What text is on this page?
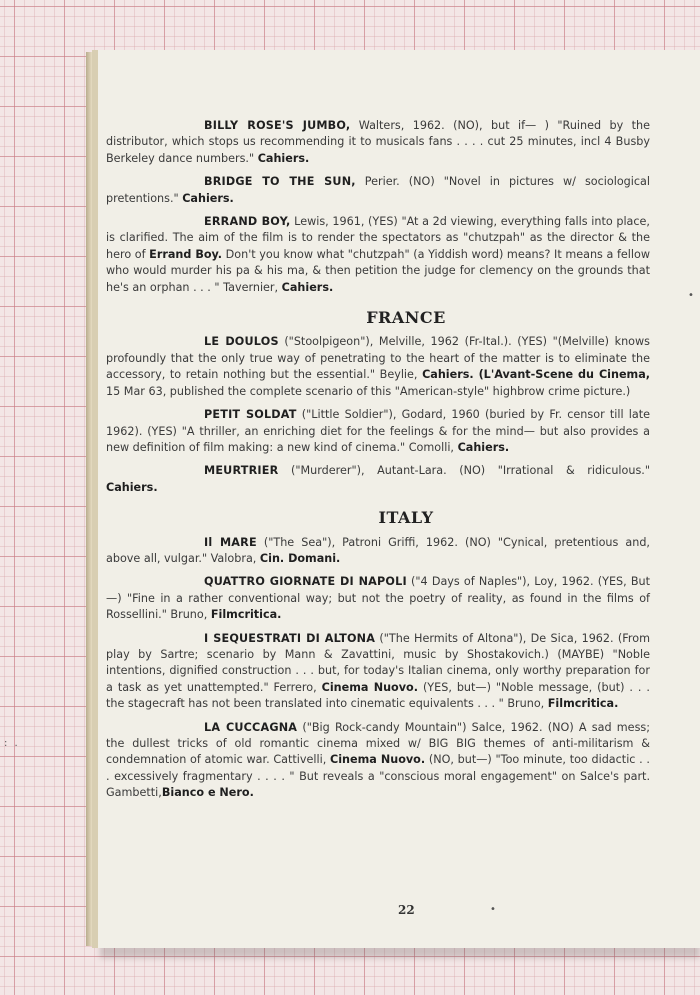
BILLY ROSE'S JUMBO, Walters, 1962. (NO), but if— ) "Ruined by the distributor, which stops us recommending it to musicals fans . . . . cut 25 minutes, incl 4 Busby Berkeley dance numbers." Cahiers.

BRIDGE TO THE SUN, Perier. (NO) "Novel in pictures w/ sociological pretentions." Cahiers.

ERRAND BOY, Lewis, 1961, (YES) "At a 2d viewing, everything falls into place, is clarified. The aim of the film is to render the spectators as "chutzpah" as the director & the hero of Errand Boy. Don't you know what "chutzpah" (a Yiddish word) means? It means a fellow who would murder his pa & his ma, & then petition the judge for clemency on the grounds that he's an orphan . . . " Tavernier, Cahiers.

FRANCE

LE DOULOS ("Stoolpigeon"), Melville, 1962 (Fr-Ital.). (YES) "(Melville) knows profoundly that the only true way of penetrating to the heart of the matter is to eliminate the accessory, to retain nothing but the essential." Beylie, Cahiers. (L'Avant-Scene du Cinema, 15 Mar 63, published the complete scenario of this "American-style" highbrow crime picture.)

PETIT SOLDAT ("Little Soldier"), Godard, 1960 (buried by Fr. censor till late 1962). (YES) "A thriller, an enriching diet for the feelings & for the mind— but also provides a new definition of film making: a new kind of cinema." Comolli, Cahiers.

MEURTRIER ("Murderer"), Autant-Lara. (NO) "Irrational & ridiculous." Cahiers.

ITALY

Il MARE ("The Sea"), Patroni Griffi, 1962. (NO) "Cynical, pretentious and, above all, vulgar." Valobra, Cin. Domani.

QUATTRO GIORNATE DI NAPOLI ("4 Days of Naples"), Loy, 1962. (YES, But—) "Fine in a rather conventional way; but not the poetry of reality, as found in the films of Rossellini." Bruno, Filmcritica.

I SEQUESTRATI DI ALTONA ("The Hermits of Altona"), De Sica, 1962. (From play by Sartre; scenario by Mann & Zavattini, music by Shostakovich.) (MAYBE) "Noble intentions, dignified construction . . . but, for today's Italian cinema, only worthy preparation for a task as yet unattempted." Ferrero, Cinema Nuovo. (YES, but—) "Noble message, (but) . . . the stagecraft has not been translated into cinematic equivalents . . . " Bruno, Filmcritica.

LA CUCCAGNA ("Big Rock-candy Mountain") Salce, 1962. (NO) A sad mess; the dullest tricks of old romantic cinema mixed w/ BIG BIG themes of anti-militarism & condemnation of atomic war. Cattivelli, Cinema Nuovo. (NO, but—) "Too minute, too didactic . . . excessively fragmentary . . . . " But reveals a "conscious moral engagement" on Salce's part. Gambetti,Bianco e Nero.

22	•
•
: .
